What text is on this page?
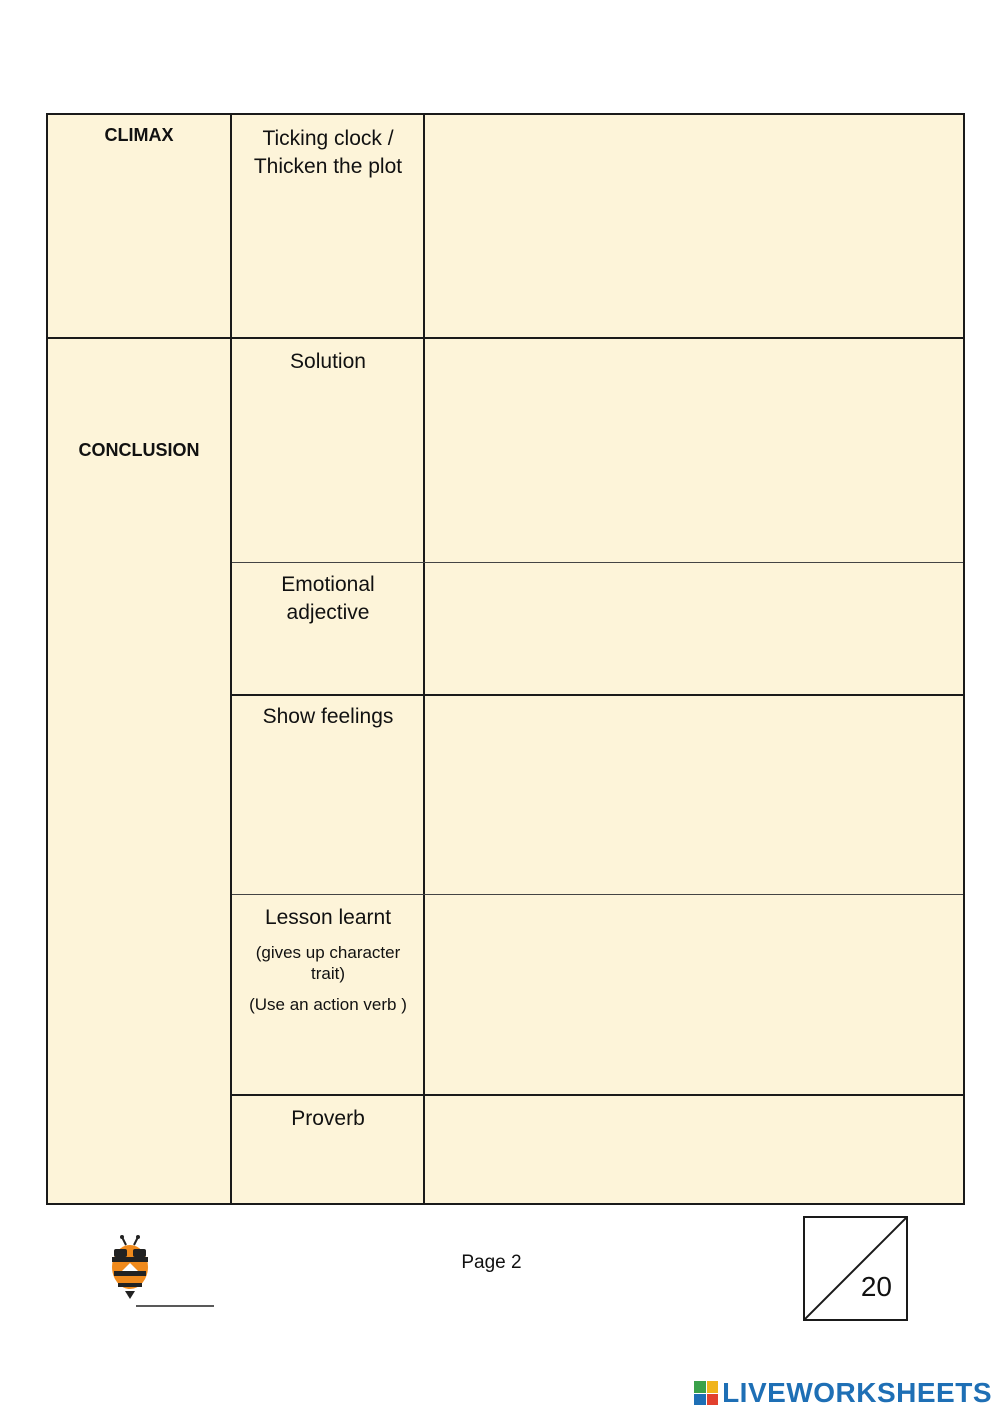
CLIMAX	Ticking clock / Thicken the plot
CONCLUSION
Solution
Emotional adjective
Show feelings
Lesson learnt
(gives up character trait)
(Use an action verb )
Proverb
Page 2
20
LIVEWORKSHEETS
